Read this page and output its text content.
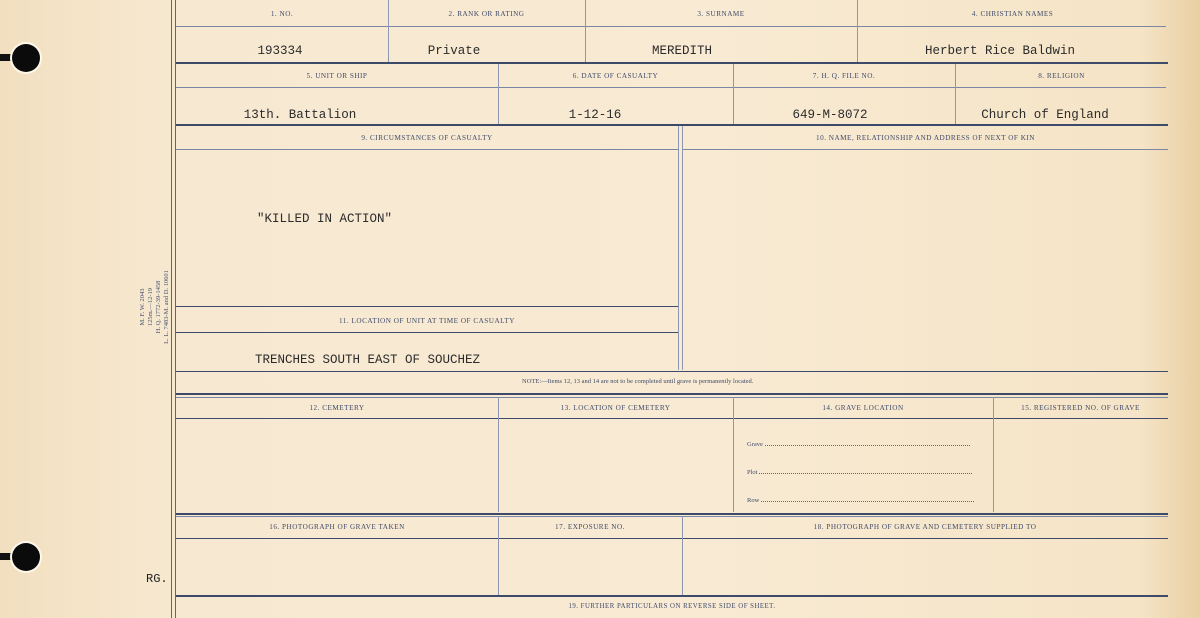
M. F. W. 2043 125m.—12-19 H. Q. 1772-39-1458 L. L. 7483-M. and D. 10601
RG.
1. NO.	2. RANK OR RATING	3. SURNAME	4. CHRISTIAN NAMES
193334	Private	MEREDITH	Herbert Rice Baldwin
5. UNIT OR SHIP	6. DATE OF CASUALTY	7. H. Q. FILE NO.	8. RELIGION
13th. Battalion	1-12-16	649-M-8072	Church of England
9. CIRCUMSTANCES OF CASUALTY	10. NAME, RELATIONSHIP AND ADDRESS OF NEXT OF KIN
"KILLED IN ACTION"
11. LOCATION OF UNIT AT TIME OF CASUALTY
TRENCHES SOUTH EAST OF SOUCHEZ
NOTE:—Items 12, 13 and 14 are not to be completed until grave is permanently located.
12. CEMETERY	13. LOCATION OF CEMETERY	14. GRAVE LOCATION	15. REGISTERED NO. OF GRAVE
Grave
Plot
Row
16. PHOTOGRAPH OF GRAVE TAKEN	17. EXPOSURE NO.	18. PHOTOGRAPH OF GRAVE AND CEMETERY SUPPLIED TO
19. FURTHER PARTICULARS ON REVERSE SIDE OF SHEET.
